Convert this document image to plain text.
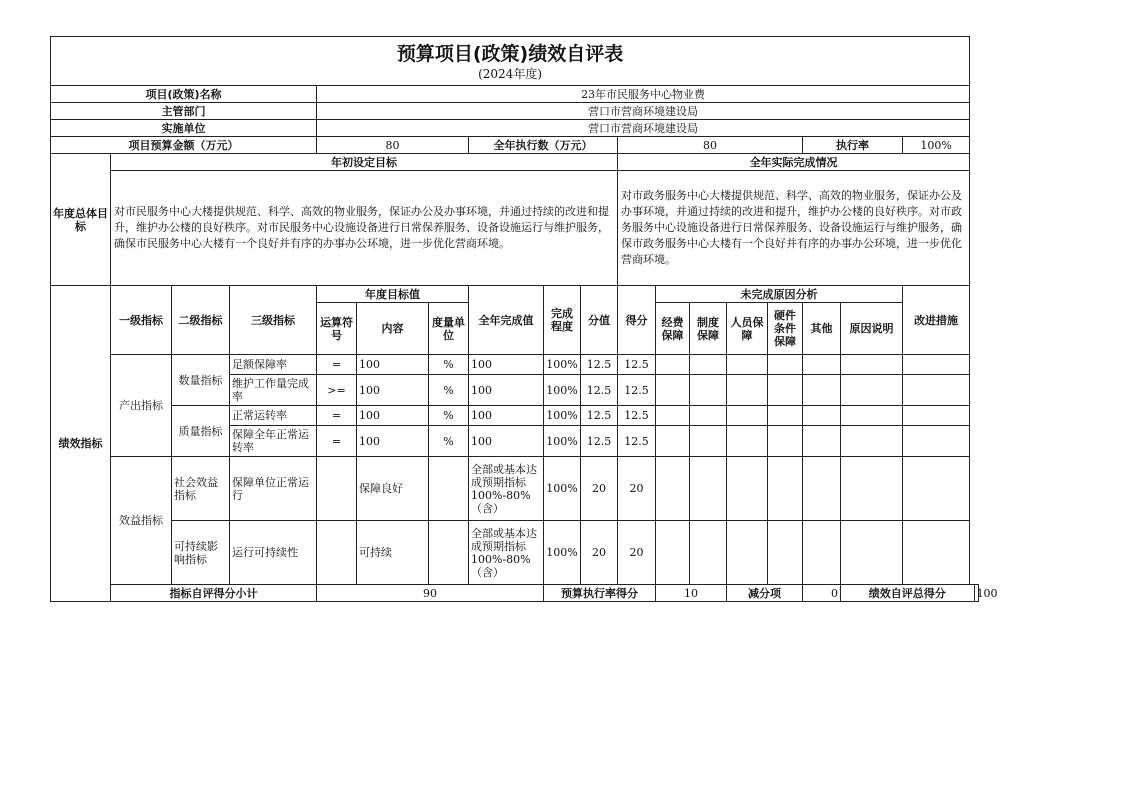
预算项目(政策)绩效自评表
(2024年度)																		

项目(政策)名称				23年市民服务中心物业费														
主管部门				营口市营商环境建设局														
实施单位				营口市营商环境建设局														
项目预算金额（万元）				80			全年执行数（万元）			80					执行率		100%	
年度总体目标	年初设定目标									全年实际完成情况								
	对市民服务中心大楼提供规范、科学、高效的物业服务，保证办公及办事环境，并通过持续的改进和提升，维护办公楼的良好秩序。对市民服务中心设施设备进行日常保养服务、设备设施运行与维护服务，确保市民服务中心大楼有一个良好并有序的办事办公环境，进一步优化营商环境。									对市政务服务中心大楼提供规范、科学、高效的物业服务，保证办公及办事环境，并通过持续的改进和提升，维护办公楼的良好秩序。对市政务服务中心设施设备进行日常保养服务、设备设施运行与维护服务，确保市政务服务中心大楼有一个良好并有序的办事办公环境，进一步优化营商环境。								
绩效指标	一级指标	二级指标	三级指标	年度目标值			全年完成值	完成程度	分值	得分	未完成原因分析						改进措施	
				运算符号	内容	度量单位					经费保障	制度保障	人员保障	硬件条件保障	其他	原因说明		
	产出指标	数量指标	足额保障率	=	100	%	100	100%	12.5	12.5								
			维护工作量完成率	>=	100	%	100	100%	12.5	12.5								
		质量指标	正常运转率	=	100	%	100	100%	12.5	12.5								
			保障全年正常运转率	=	100	%	100	100%	12.5	12.5								
	效益指标	社会效益指标	保障单位正常运行		保障良好		全部或基本达成预期指标100%-80%（含）	100%	20	20								
		可持续影响指标	运行可持续性		可持续		全部或基本达成预期指标100%-80%（含）	100%	20	20								
	指标自评得分小计			90				预算执行率得分			10		减分项		0	绩效自评总得分		100
